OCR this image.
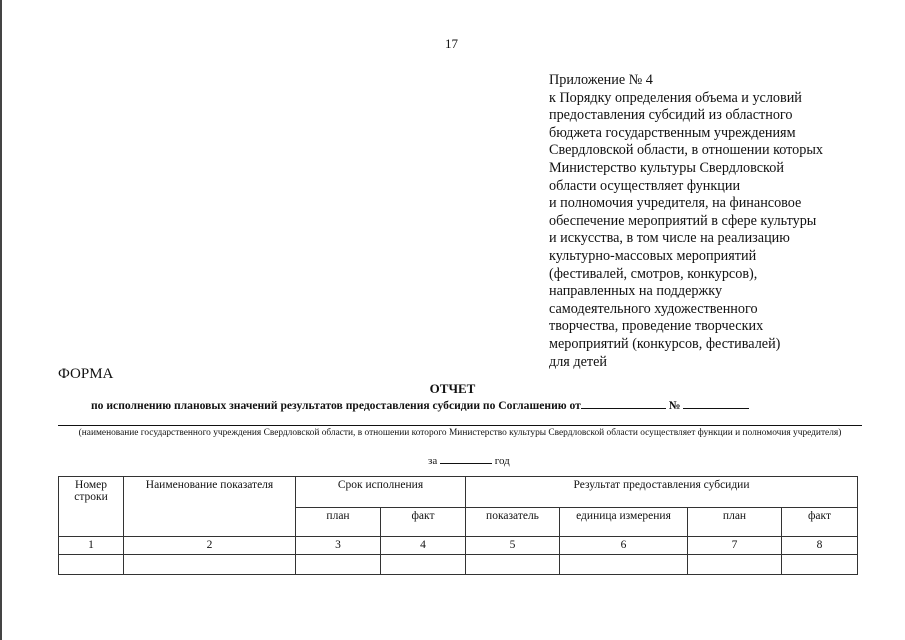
17
Приложение № 4
к Порядку определения объема и условий
предоставления субсидий из областного
бюджета государственным учреждениям
Свердловской области, в отношении которых
Министерство культуры Свердловской
области осуществляет функции
и полномочия учредителя, на финансовое
обеспечение мероприятий в сфере культуры
и искусства, в том числе на реализацию
культурно-массовых мероприятий
(фестивалей, смотров, конкурсов),
направленных на поддержку
самодеятельного художественного
творчества, проведение творческих
мероприятий (конкурсов, фестивалей)
для детей
ФОРМА
ОТЧЕТ
по исполнению плановых значений результатов предоставления субсидии по Соглашению от	№
(наименование государственного учреждения Свердловской области, в отношении которого Министерство культуры Свердловской области осуществляет функции и полномочия учредителя)
за	год
Номер строки	Наименование показателя	Срок исполнения		Результат предоставления субсидии			
		план	факт	показатель	единица измерения	план	факт
1	2	3	4	5	6	7	8
